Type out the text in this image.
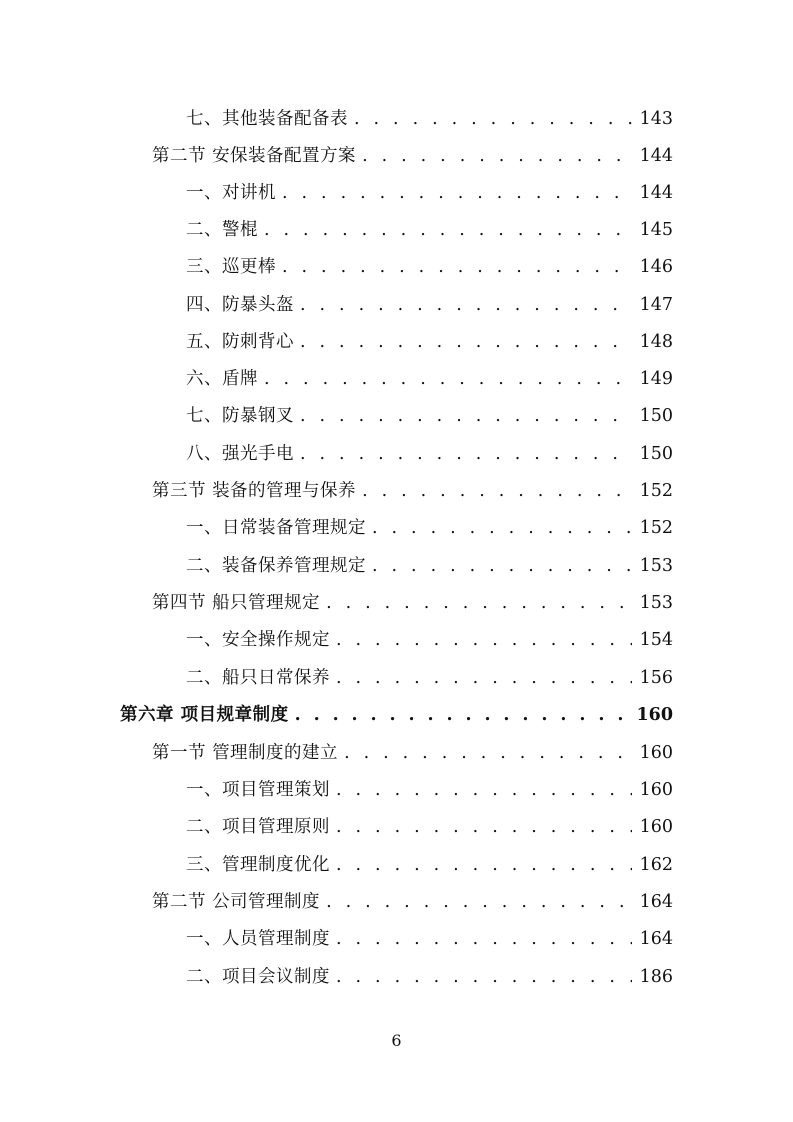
七、其他装备配备表 . . .	143
第二节 安保装备配置方案 . . .	144
一、对讲机 . . .	144
二、警棍 . . .	145
三、巡更棒 . . .	146
四、防暴头盔 . . .	147
五、防刺背心 . . .	148
六、盾牌 . . .	149
七、防暴钢叉 . . .	150
八、强光手电 . . .	150
第三节 装备的管理与保养 . . .	152
一、日常装备管理规定 . . .	152
二、装备保养管理规定 . . .	153
第四节 船只管理规定 . . .	153
一、安全操作规定 . . .	154
二、船只日常保养 . . .	156
第六章 项目规章制度 . . .	160
第一节 管理制度的建立 . . .	160
一、项目管理策划 . . .	160
二、项目管理原则 . . .	160
三、管理制度优化 . . .	162
第二节 公司管理制度 . . .	164
一、人员管理制度 . . .	164
二、项目会议制度 . . .	186
6
